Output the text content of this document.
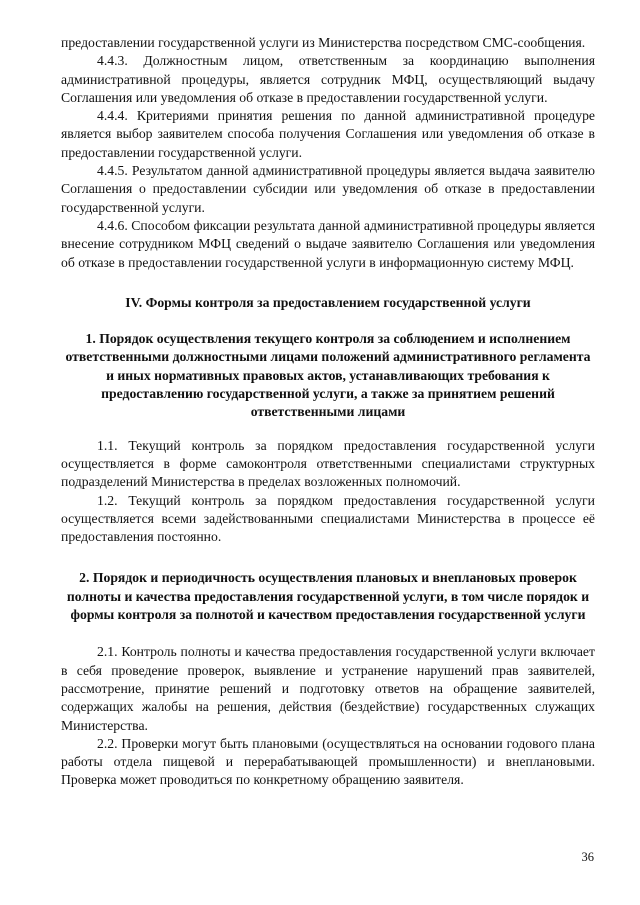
предоставлении государственной услуги из Министерства посредством СМС-сообщения.

4.4.3. Должностным лицом, ответственным за координацию выполнения административной процедуры, является сотрудник МФЦ, осуществляющий выдачу Соглашения или уведомления об отказе в предоставлении государственной услуги.

4.4.4. Критериями принятия решения по данной административной процедуре является выбор заявителем способа получения Соглашения или уведомления об отказе в предоставлении государственной услуги.

4.4.5. Результатом данной административной процедуры является выдача заявителю Соглашения о предоставлении субсидии или уведомления об отказе в предоставлении государственной услуги.

4.4.6. Способом фиксации результата данной административной процедуры является внесение сотрудником МФЦ сведений о выдаче заявителю Соглашения или уведомления об отказе в предоставлении государственной услуги в информационную систему МФЦ.

IV. Формы контроля за предоставлением государственной услуги

1. Порядок осуществления текущего контроля за соблюдением и исполнением ответственными должностными лицами положений административного регламента и иных нормативных правовых актов, устанавливающих требования к предоставлению государственной услуги, а также за принятием решений ответственными лицами

1.1. Текущий контроль за порядком предоставления государственной услуги осуществляется в форме самоконтроля ответственными специалистами структурных подразделений Министерства в пределах возложенных полномочий.

1.2. Текущий контроль за порядком предоставления государственной услуги осуществляется всеми задействованными специалистами Министерства в процессе её предоставления постоянно.

2. Порядок и периодичность осуществления плановых и внеплановых проверок полноты и качества предоставления государственной услуги, в том числе порядок и формы контроля за полнотой и качеством предоставления государственной услуги

2.1. Контроль полноты и качества предоставления государственной услуги включает в себя проведение проверок, выявление и устранение нарушений прав заявителей, рассмотрение, принятие решений и подготовку ответов на обращение заявителей, содержащих жалобы на решения, действия (бездействие) государственных служащих Министерства.

2.2. Проверки могут быть плановыми (осуществляться на основании годового плана работы отдела пищевой и перерабатывающей промышленности) и внеплановыми. Проверка может проводиться по конкретному обращению заявителя.

36
